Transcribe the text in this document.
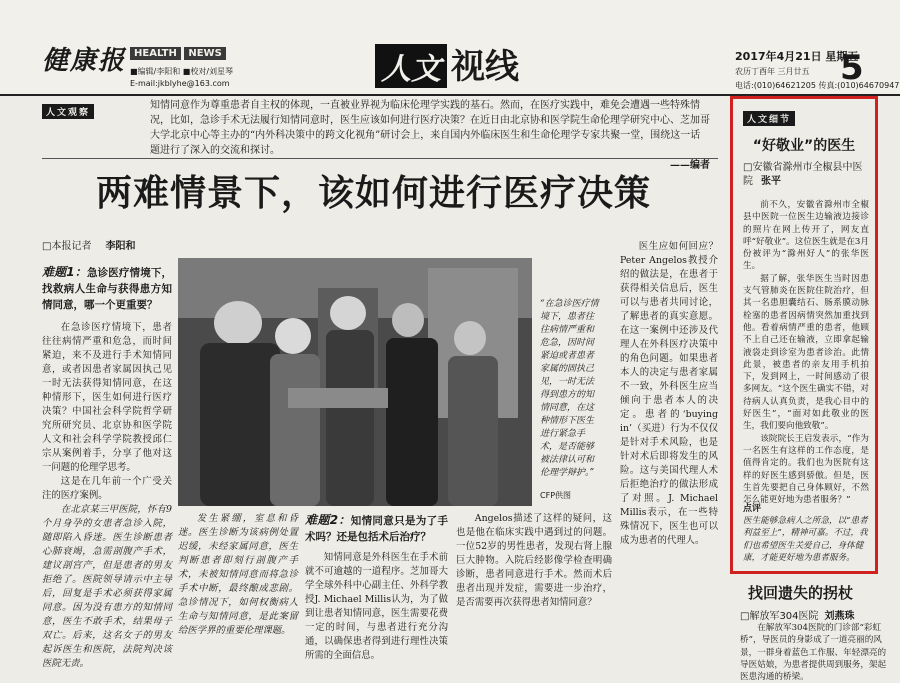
健康报 HEALTH NEWS
■编辑/李阳和 ■校对/刘星琴
E-mail:jkblyhe@163.com	人文 视线	2017年4月21日 星期五
农历丁酉年 三月廿五
电话:(010)64621205 传真:(010)64670947
5
人文观察
知情同意作为尊重患者自主权的体现，一直被业界视为临床伦理学实践的基石。然而，在医疗实践中，难免会遭遇一些特殊情况，比如，急诊手术无法履行知情同意时，医生应该如何进行医疗决策？在近日由北京协和医学院生命伦理学研究中心、芝加哥大学北京中心等主办的“内外科决策中的跨文化视角”研讨会上，来自国内外临床医生和生命伦理学专家共聚一堂，围绕这一话题进行了深入的交流和探讨。
——编者
两难情景下，该如何进行医疗决策
□本报记者 李阳和
难题1：急诊医疗情境下，找救病人生命与获得患方知情同意，哪一个更重要？

在急诊医疗情境下，患者往往病情严重和危急，而时间紧迫，来不及进行手术知情同意，或者因患者家属因执己见一时无法获得知情同意，在这种情形下，医生如何进行医疗决策？中国社会科学院哲学研究所研究员、北京协和医学院人文和社会科学学院教授邱仁宗从案例着手，分享了他对这一问题的伦理学思考。

这是在几年前一个广受关注的医疗案例。

在北京某三甲医院，怀有9个月身孕的女患者急诊入院，随即陷入昏迷。医生诊断患者心肺衰竭，急需剖腹产手术，建议剖宫产，但是患者的男友拒绝了。医院领导请示中主导后，回复是手术必须获得家属同意。因为没有患方的知情同意，医生不敢手术，结果母子双亡。后来，这名女子的男友起诉医生和医院，法院判决该医院无责。

“在急诊医疗情境下，患者往往病情严重和危急，因时间紧迫或者患者家属的固执己见，一时无法得到患方的知情同意，在这种情形下医生进行紧急手术，是否能够被法律认可和伦理学辩护。”
CFP供图

发生紧绷，室息和昏迷。医生诊断为该病例处置迟缓，未经家属同意，医生判断患者即刻行剖腹产手术，未被知情同意而将急诊手术中断，最终酿成悲剧。急诊情况下，如何权衡病人生命与知情同意，是此案留给医学界的重要伦理课题。

难题2：知情同意只是为了手术吗？还是包括术后治疗？

知情同意是外科医生在手术前就不可逾越的一道程序。芝加哥大学全球外科中心副主任、外科学教授J. Michael Millis认为，为了做到让患者知情同意，医生需要花费一定的时间，与患者进行充分沟通，以确保患者得到进行理性决策所需的全面信息。

Angelos描述了这样的疑问，这也是他在临床实践中遇到过的问题。一位52岁的男性患者，发现右肾上腺巨大肿物。入院后经影像学检查明确诊断，患者同意进行手术。然而术后患者出现并发症，需要进一步治疗，是否需要再次获得患者知情同意？

医生应如何回应？Peter Angelos教授介绍的做法是，在患者于获得相关信息后，医生可以与患者共同讨论，了解患者的真实意愿。在这一案例中还涉及代理人在外科医疗决策中的角色问题。如果患者本人的决定与患者家属不一致，外科医生应当倾向于患者本人的决定。患者的‘buying in’（买进）行为不仅仅是针对手术风险，也是针对术后即将发生的风险。这与美国代理人术后拒绝治疗的做法形成了对照。J. Michael Millis表示，在一些特殊情况下，医生也可以成为患者的代理人。

人文细节
“好敬业”的医生
□安徽省滁州市全椒县中医院 张平

前不久，安徽省滁州市全椒县中医院一位医生边输液边接诊的照片在网上传开了，网友直呼“好敬业”。这位医生就是在3月份被评为“滁州好人”的张华医生。

据了解，张华医生当时因患支气管肺炎在医院住院治疗，但其一名患胆囊结石、肠系膜动脉栓塞的患者因病情突然加重找到他。看着病情严重的患者，他顾不上自己还在输液，立即拿起输液袋走到诊室为患者诊治。此情此景，被患者的亲友用手机拍下，发到网上，一时间感动了很多网友。“这个医生确实不错，对待病人认真负责，是我心目中的好医生”，“面对如此敬业的医生，我们要向他致敬”。

该院院长王启发表示，“作为一名医生有这样的工作态度，是值得肯定的。我们也为医院有这样的好医生感到骄傲。但是，医生首先要把自己身体顾好，不然怎么能更好地为患者服务？”

点评
医生能够急病人之所急，以“患者利益至上”，精神可嘉。不过，我们也希望医生关爱自己，身体健康，才能更好地为患者服务。
找回遗失的拐杖
□解放军304医院 刘燕珠

在解放军304医院的门诊部“彩虹桥”，导医员的身影成了一道亮丽的风景，一群身着蓝色工作服、年轻漂亮的导医姑娘，为患者提供周到服务，架起医患沟通的桥梁。
